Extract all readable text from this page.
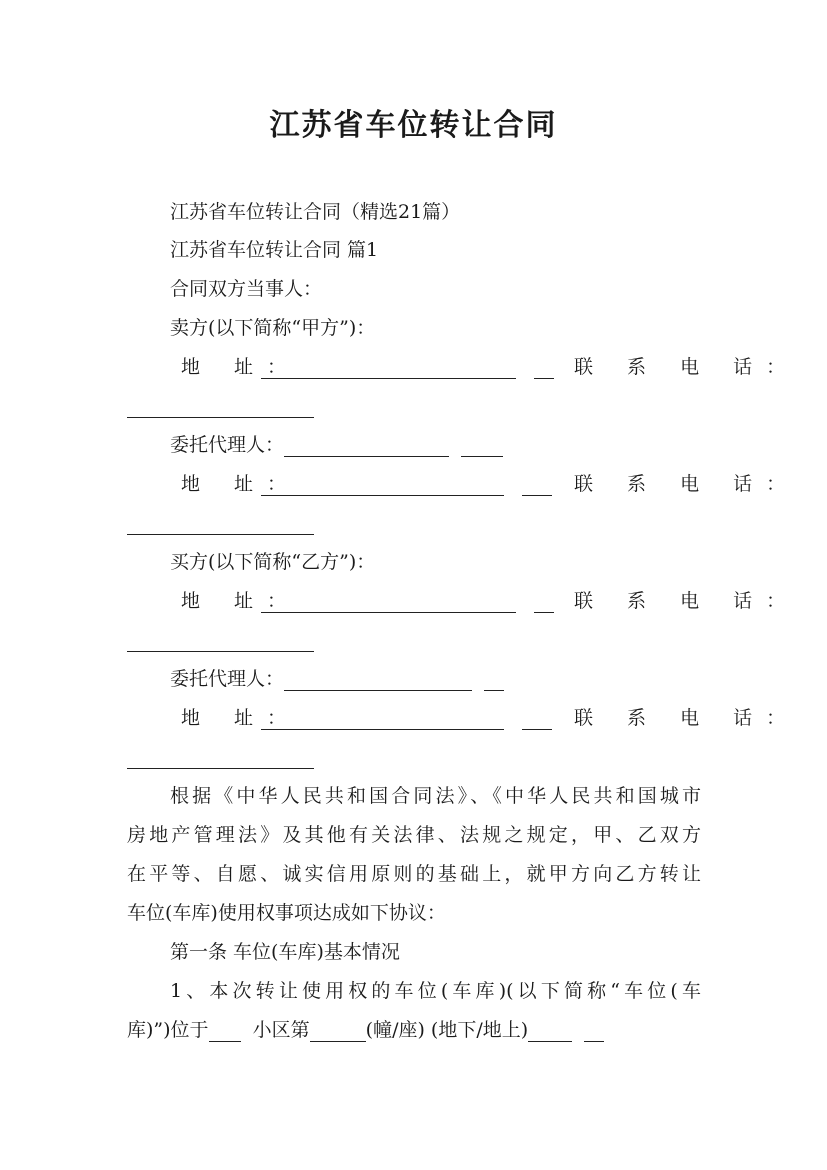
江苏省车位转让合同
江苏省车位转让合同（精选21篇）
江苏省车位转让合同 篇1
合同双方当事人：
卖方(以下简称“甲方”)：
地 址：
	联 系 电 话：
委托代理人：
地 址：
	联 系 电 话：
买方(以下简称“乙方”)：
地 址：
	联 系 电 话：
委托代理人：
地 址：
	联 系 电 话：
根据《中华人民共和国合同法》、《中华人民共和国城市
房地产管理法》及其他有关法律、法规之规定，甲、乙双方
在平等、自愿、诚实信用原则的基础上，就甲方向乙方转让
车位(车库)使用权事项达成如下协议：
第一条 车位(车库)基本情况
1、本次转让使用权的车位(车库)(以下简称“车位(车
库)”)位于 小区第	(幢/座) (地下/地上)
